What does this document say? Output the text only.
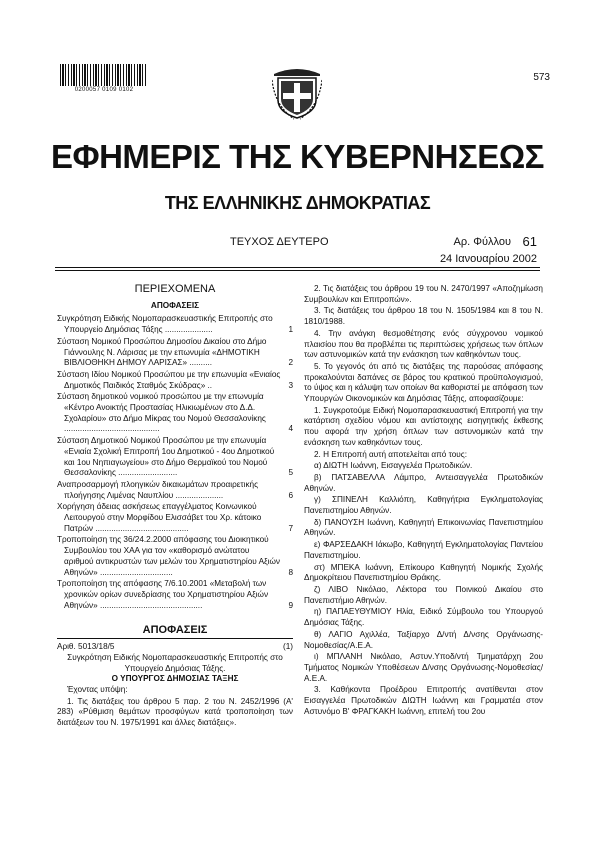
0200057 0109 0102
573
ΕΦΗΜΕΡΙΣ ΤΗΣ ΚΥΒΕΡΝΗΣΕΩΣ
ΤΗΣ ΕΛΛΗΝΙΚΗΣ ΔΗΜΟΚΡΑΤΙΑΣ
ΤΕΥΧΟΣ ΔΕΥΤΕΡΟ	Αρ. Φύλλου 61
24 Ιανουαρίου 2002
ΠΕΡΙΕΧΟΜΕΝΑ
ΑΠΟΦΑΣΕΙΣ
Συγκρότηση Ειδικής Νομοπαρασκευαστικής Επιτροπής στο Υπουργείο Δημόσιας Τάξης .....................	1
Σύσταση Νομικού Προσώπου Δημοσίου Δικαίου στο Δήμο Γιάννουλης Ν. Λάρισας με την επωνυμία «ΔΗΜΟΤΙΚΗ ΒΙΒΛΙΟΘΗΚΗ ΔΗΜΟΥ ΛΑΡΙΣΑΣ» ..........	2
Σύσταση Ιδίου Νομικού Προσώπου με την επωνυμία «Ενιαίος Δημοτικός Παιδικός Σταθμός Σκύδρας» ..	3
Σύσταση δημοτικού νομικού προσώπου με την επωνυμία «Κέντρο Ανοικτής Προστασίας Ηλικιωμένων στο Δ.Δ. Σχολαρίου» στο Δήμο Μίκρας του Νομού Θεσσαλονίκης ..........................................	4
Σύσταση Δημοτικού Νομικού Προσώπου με την επωνυμία «Ενιαία Σχολική Επιτροπή 1ου Δημοτικού - 4ου Δημοτικού και 1ου Νηπιαγωγείου» στο Δήμο Θερμαϊκού του Νομού Θεσσαλονίκης ..........................	5
Αναπροσαρμογή πλοηγικών δικαιωμάτων προαιρετικής πλοήγησης Λιμένας Ναυπλίου .....................	6
Χορήγηση άδειας ασκήσεως επαγγέλματος Κοινωνικού Λειτουργού στην Μορφίδου Ελισσάβετ του Χρ. κάτοικο Πατρών .........................................	7
Τροποποίηση της 36/24.2.2000 απόφασης του Διοικητικού Συμβουλίου του ΧΑΑ για τον «καθορισμό ανώτατου αριθμού αντικρυστών των μελών του Χρηματιστηρίου Αξιών Αθηνών» ................................	8
Τροποποίηση της απόφασης 7/6.10.2001 «Μεταβολή των χρονικών ορίων συνεδρίασης του Χρηματιστηρίου Αξιών Αθηνών» .............................................	9
ΑΠΟΦΑΣΕΙΣ
Αριθ. 5013/18/5	(1)
Συγκρότηση Ειδικής Νομοπαρασκευαστικής Επιτροπής στο Υπουργείο Δημόσιας Τάξης.
Ο ΥΠΟΥΡΓΟΣ ΔΗΜΟΣΙΑΣ ΤΑΞΗΣ
Έχοντας υπόψη:
1. Τις διατάξεις του άρθρου 5 παρ. 2 του Ν. 2452/1996 (Α' 283) «Ρύθμιση θεμάτων προσφύγων κατά τροποποίηση των διατάξεων του Ν. 1975/1991 και άλλες διατάξεις».
2. Τις διατάξεις του άρθρου 19 του Ν. 2470/1997 «Αποζημίωση Συμβουλίων και Επιτροπών».
3. Τις διατάξεις του άρθρου 18 του Ν. 1505/1984 και 8 του Ν. 1810/1988.
4. Την ανάγκη θεσμοθέτησης ενός σύγχρονου νομικού πλαισίου που θα προβλέπει τις περιπτώσεις χρήσεως των όπλων των αστυνομικών κατά την ενάσκηση των καθηκόντων τους.
5. Το γεγονός ότι από τις διατάξεις της παρούσας απόφασης προκαλούνται δαπάνες σε βάρος του κρατικού προϋπολογισμού, το ύψος και η κάλυψη των οποίων θα καθοριστεί με απόφαση των Υπουργών Οικονομικών και Δημόσιας Τάξης, αποφασίζουμε:
1. Συγκροτούμε Ειδική Νομοπαρασκευαστική Επιτροπή για την κατάρτιση σχεδίου νόμου και αντίστοιχης εισηγητικής έκθεσης που αφορά την χρήση όπλων των αστυνομικών κατά την ενάσκηση των καθηκόντων τους.
2. Η Επιτροπή αυτή αποτελείται από τους:
α) ΔΙΩΤΗ Ιωάννη, Εισαγγελέα Πρωτοδικών.
β) ΠΑΤΣΑΒΕΛΛΑ Λάμπρο, Αντεισαγγελέα Πρωτοδικών Αθηνών.
γ) ΣΠΙΝΕΛΗ Καλλιόπη, Καθηγήτρια Εγκληματολογίας Πανεπιστημίου Αθηνών.
δ) ΠΑΝΟΥΣΗ Ιωάννη, Καθηγητή Επικοινωνίας Πανεπιστημίου Αθηνών.
ε) ΦΑΡΣΕΔΑΚΗ Ιάκωβο, Καθηγητή Εγκληματολογίας Παντείου Πανεπιστημίου.
στ) ΜΠΕΚΑ Ιωάννη, Επίκουρο Καθηγητή Νομικής Σχολής Δημοκρίτειου Πανεπιστημίου Θράκης.
ζ) ΛΙΒΟ Νικόλαο, Λέκτορα του Ποινικού Δικαίου στο Πανεπιστήμιο Αθηνών.
η) ΠΑΠΑΕΥΘΥΜΙΟΥ Ηλία, Ειδικό Σύμβουλο του Υπουργού Δημόσιας Τάξης.
θ) ΛΑΓΙΟ Αχιλλέα, Ταξίαρχο Δ/ντή Δ/νσης Οργάνωσης-Νομοθεσίας/Α.Ε.Α.
ι) ΜΠΛΑΝΗ Νικόλαο, Αστυν.Υποδ/ντή Τμηματάρχη 2ου Τμήματος Νομικών Υποθέσεων Δ/νσης Οργάνωσης-Νομοθεσίας/Α.Ε.Α.
3. Καθήκοντα Προέδρου Επιτροπής ανατίθενται στον Εισαγγελέα Πρωτοδικών ΔΙΩΤΗ Ιωάννη και Γραμματέα στον Αστυνόμο Β' ΦΡΑΓΚΑΚΗ Ιωάννη, επιτελή του 2ου
